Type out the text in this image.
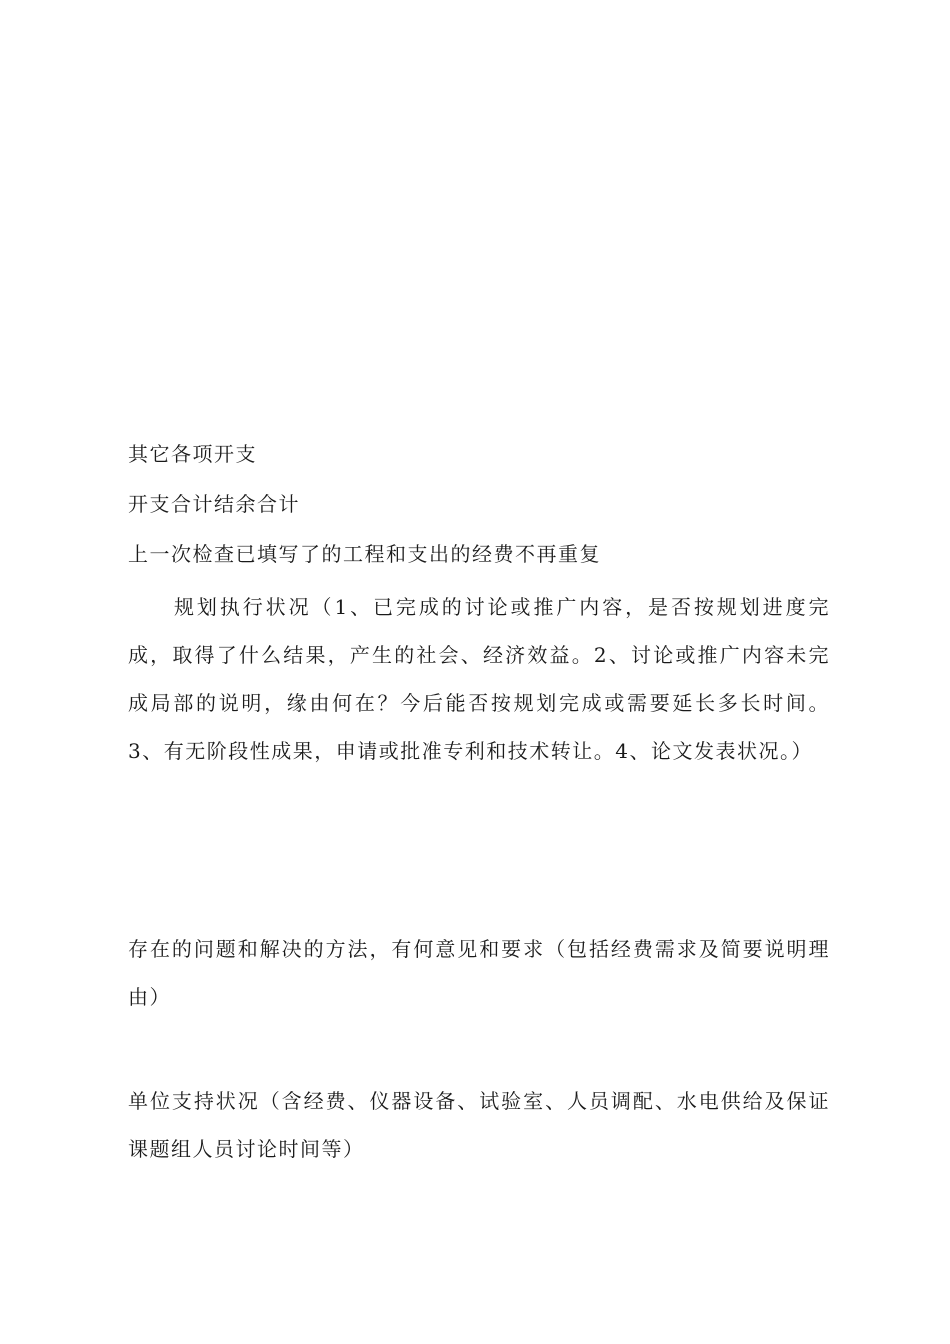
其它各项开支
开支合计结余合计
上一次检查已填写了的工程和支出的经费不再重复
规划执行状况（1、已完成的讨论或推广内容，是否按规划进度完成，取得了什么结果，产生的社会、经济效益。2、讨论或推广内容未完成局部的说明，缘由何在？今后能否按规划完成或需要延长多长时间。3、有无阶段性成果，申请或批准专利和技术转让。4、论文发表状况。）
存在的问题和解决的方法，有何意见和要求（包括经费需求及简要说明理由）
单位支持状况（含经费、仪器设备、试验室、人员调配、水电供给及保证课题组人员讨论时间等）
